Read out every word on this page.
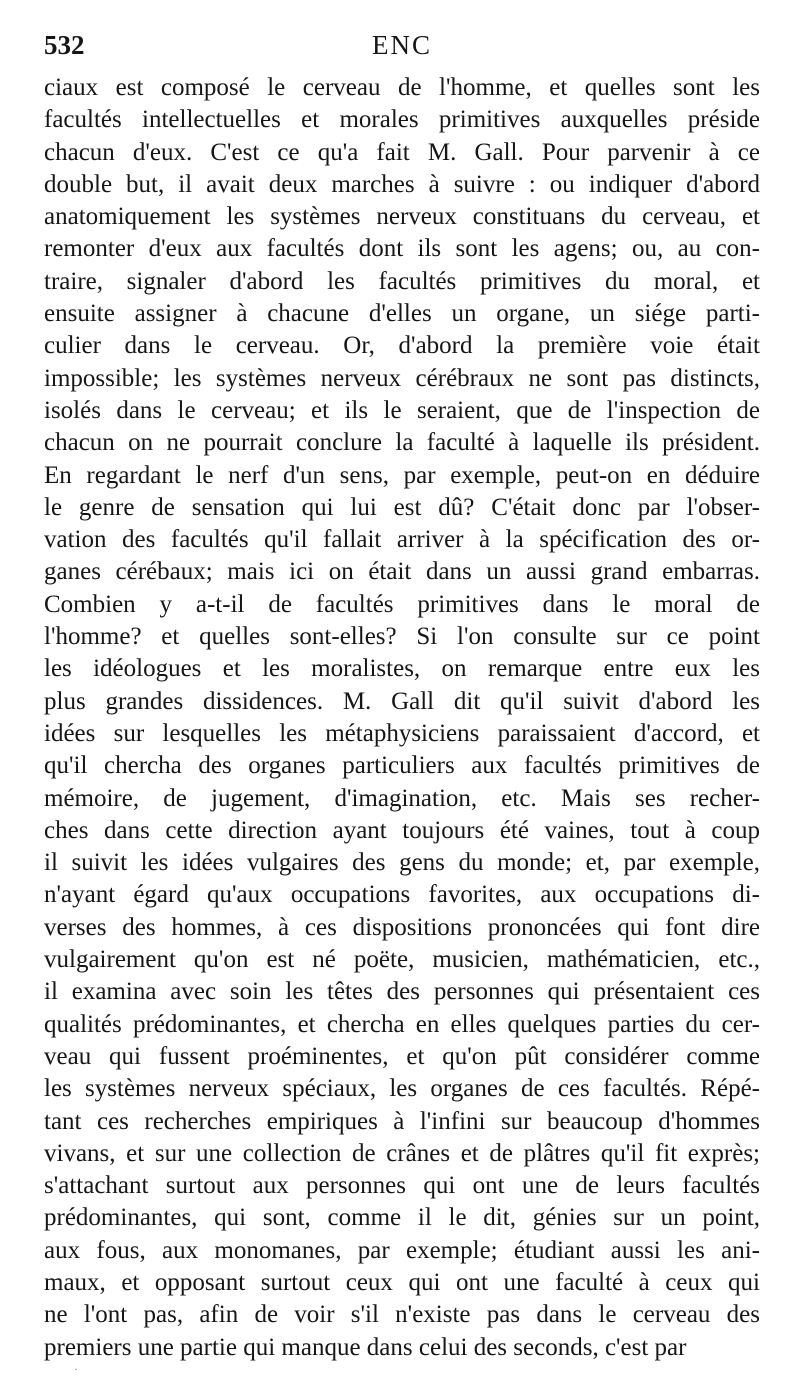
532	ENC
ciaux est composé le cerveau de l'homme, et quelles sont les
facultés intellectuelles et morales primitives auxquelles préside
chacun d'eux. C'est ce qu'a fait M. Gall. Pour parvenir à ce
double but, il avait deux marches à suivre : ou indiquer d'abord
anatomiquement les systèmes nerveux constituans du cerveau, et
remonter d'eux aux facultés dont ils sont les agens; ou, au con-
traire, signaler d'abord les facultés primitives du moral, et
ensuite assigner à chacune d'elles un organe, un siége parti-
culier dans le cerveau. Or, d'abord la première voie était
impossible; les systèmes nerveux cérébraux ne sont pas distincts,
isolés dans le cerveau; et ils le seraient, que de l'inspection de
chacun on ne pourrait conclure la faculté à laquelle ils président.
En regardant le nerf d'un sens, par exemple, peut-on en déduire
le genre de sensation qui lui est dû? C'était donc par l'obser-
vation des facultés qu'il fallait arriver à la spécification des or-
ganes cérébaux; mais ici on était dans un aussi grand embarras.
Combien y a-t-il de facultés primitives dans le moral de
l'homme? et quelles sont-elles? Si l'on consulte sur ce point
les idéologues et les moralistes, on remarque entre eux les
plus grandes dissidences. M. Gall dit qu'il suivit d'abord les
idées sur lesquelles les métaphysiciens paraissaient d'accord, et
qu'il chercha des organes particuliers aux facultés primitives de
mémoire, de jugement, d'imagination, etc. Mais ses recher-
ches dans cette direction ayant toujours été vaines, tout à coup
il suivit les idées vulgaires des gens du monde; et, par exemple,
n'ayant égard qu'aux occupations favorites, aux occupations di-
verses des hommes, à ces dispositions prononcées qui font dire
vulgairement qu'on est né poëte, musicien, mathématicien, etc.,
il examina avec soin les têtes des personnes qui présentaient ces
qualités prédominantes, et chercha en elles quelques parties du cer-
veau qui fussent proéminentes, et qu'on pût considérer comme
les systèmes nerveux spéciaux, les organes de ces facultés. Répé-
tant ces recherches empiriques à l'infini sur beaucoup d'hommes
vivans, et sur une collection de crânes et de plâtres qu'il fit exprès;
s'attachant surtout aux personnes qui ont une de leurs facultés
prédominantes, qui sont, comme il le dit, génies sur un point,
aux fous, aux monomanes, par exemple; étudiant aussi les ani-
maux, et opposant surtout ceux qui ont une faculté à ceux qui
ne l'ont pas, afin de voir s'il n'existe pas dans le cerveau des
premiers une partie qui manque dans celui des seconds, c'est par
·
